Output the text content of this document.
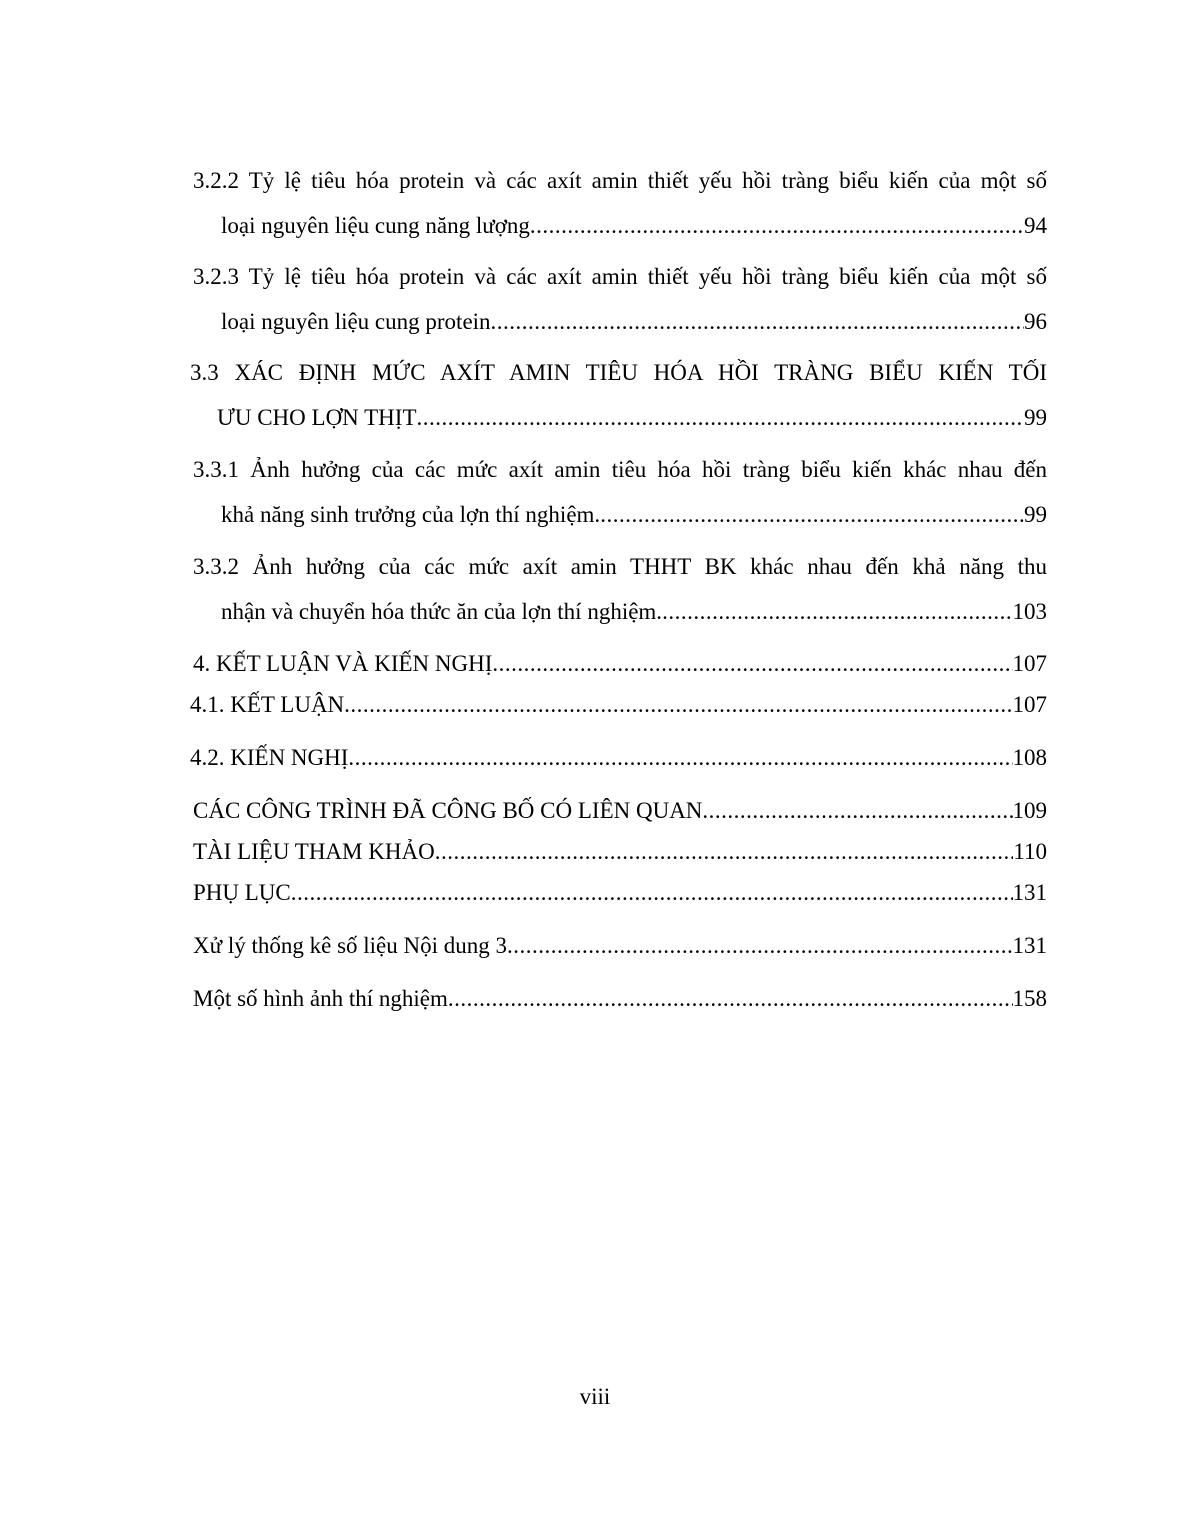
3.2.2 Tỷ lệ tiêu hóa protein và các axít amin thiết yếu hồi tràng biểu kiến của một số
loại nguyên liệu cung năng lượng .....	94
3.2.3 Tỷ lệ tiêu hóa protein và các axít amin thiết yếu hồi tràng biểu kiến của một số
loại nguyên liệu cung protein .....	96
3.3 XÁC ĐỊNH MỨC AXÍT AMIN TIÊU HÓA HỒI TRÀNG BIỂU KIẾN TỐI
ƯU CHO LỢN THỊT .....	99
3.3.1 Ảnh hưởng của các mức axít amin tiêu hóa hồi tràng biểu kiến khác nhau đến
khả năng sinh trưởng của lợn thí nghiệm. .....	99
3.3.2 Ảnh hưởng của các mức axít amin THHT BK khác nhau đến khả năng thu
nhận và chuyển hóa thức ăn của lợn thí nghiệm. .....	103
4. KẾT LUẬN VÀ KIẾN NGHỊ .....	107
4.1. KẾT LUẬN .....	107
4.2. KIẾN NGHỊ .....	108
CÁC CÔNG TRÌNH ĐÃ CÔNG BỐ CÓ LIÊN QUAN .....	109
TÀI LIỆU THAM KHẢO .....	110
PHỤ LỤC .....	131
Xử lý thống kê số liệu Nội dung 3 .....	131
Một số hình ảnh thí nghiệm .....	158
viii
